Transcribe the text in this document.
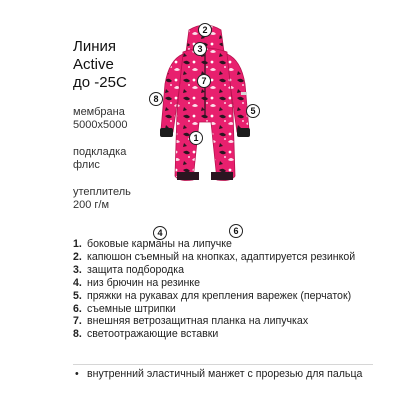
Линия
Active
до -25С
мембрана
5000х5000
подкладка
флис
утеплитель
200 г/м
2
3
7
8
5
1
6
4
1. боковые карманы на липучке
2. капюшон съемный на кнопках, адаптируется резинкой
3. защита подбородка
4. низ брючин на резинке
5. пряжки на рукавах для крепления варежек (перчаток)
6. съемные штрипки
7. внешняя ветрозащитная планка на липучках
8. светоотражающие вставки
• внутренний эластичный манжет с прорезью для пальца
